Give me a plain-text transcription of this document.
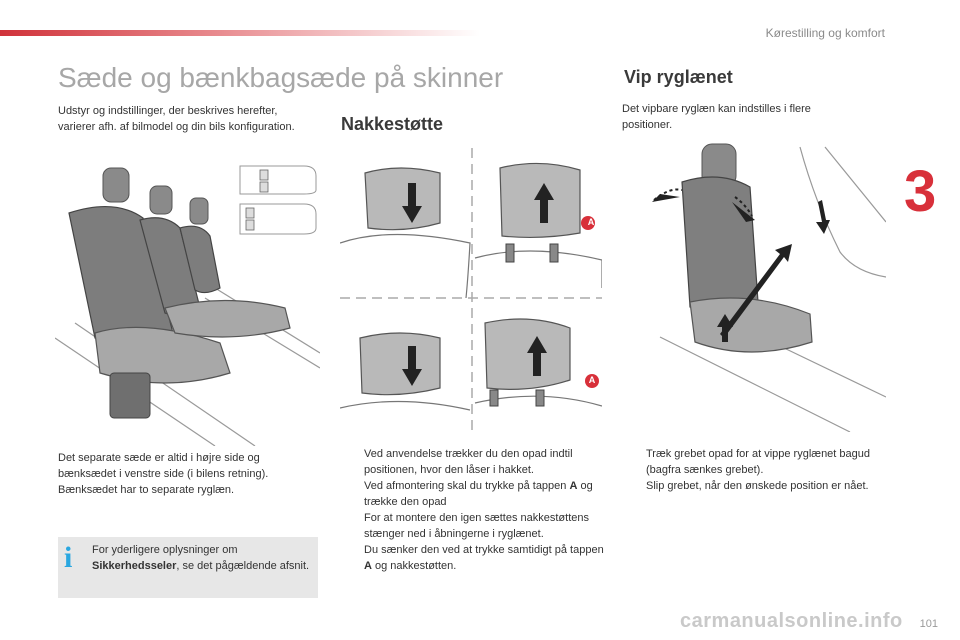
Kørestilling og komfort
3
Sæde og bænkbagsæde på skinner

Udstyr og indstillinger, der beskrives herefter, varierer afh. af bilmodel og din bils konfiguration.

Det separate sæde er altid i højre side og bænksædet i venstre side (i bilens retning). Bænksædet har to separate ryglæn.

i For yderligere oplysninger om Sikkerhedsseler, se det pågældende afsnit.
Nakkestøtte
A
A
Ved anvendelse trækker du den opad indtil positionen, hvor den låser i hakket.
Ved afmontering skal du trykke på tappen A og trække den opad
For at montere den igen sættes nakkestøttens stænger ned i åbningerne i ryglænet.
Du sænker den ved at trykke samtidigt på tappen A og nakkestøtten.
Vip ryglænet

Det vipbare ryglæn kan indstilles i flere positioner.

Træk grebet opad for at vippe ryglænet bagud (bagfra sænkes grebet).
Slip grebet, når den ønskede position er nået.
carmanualsonline.info 101
